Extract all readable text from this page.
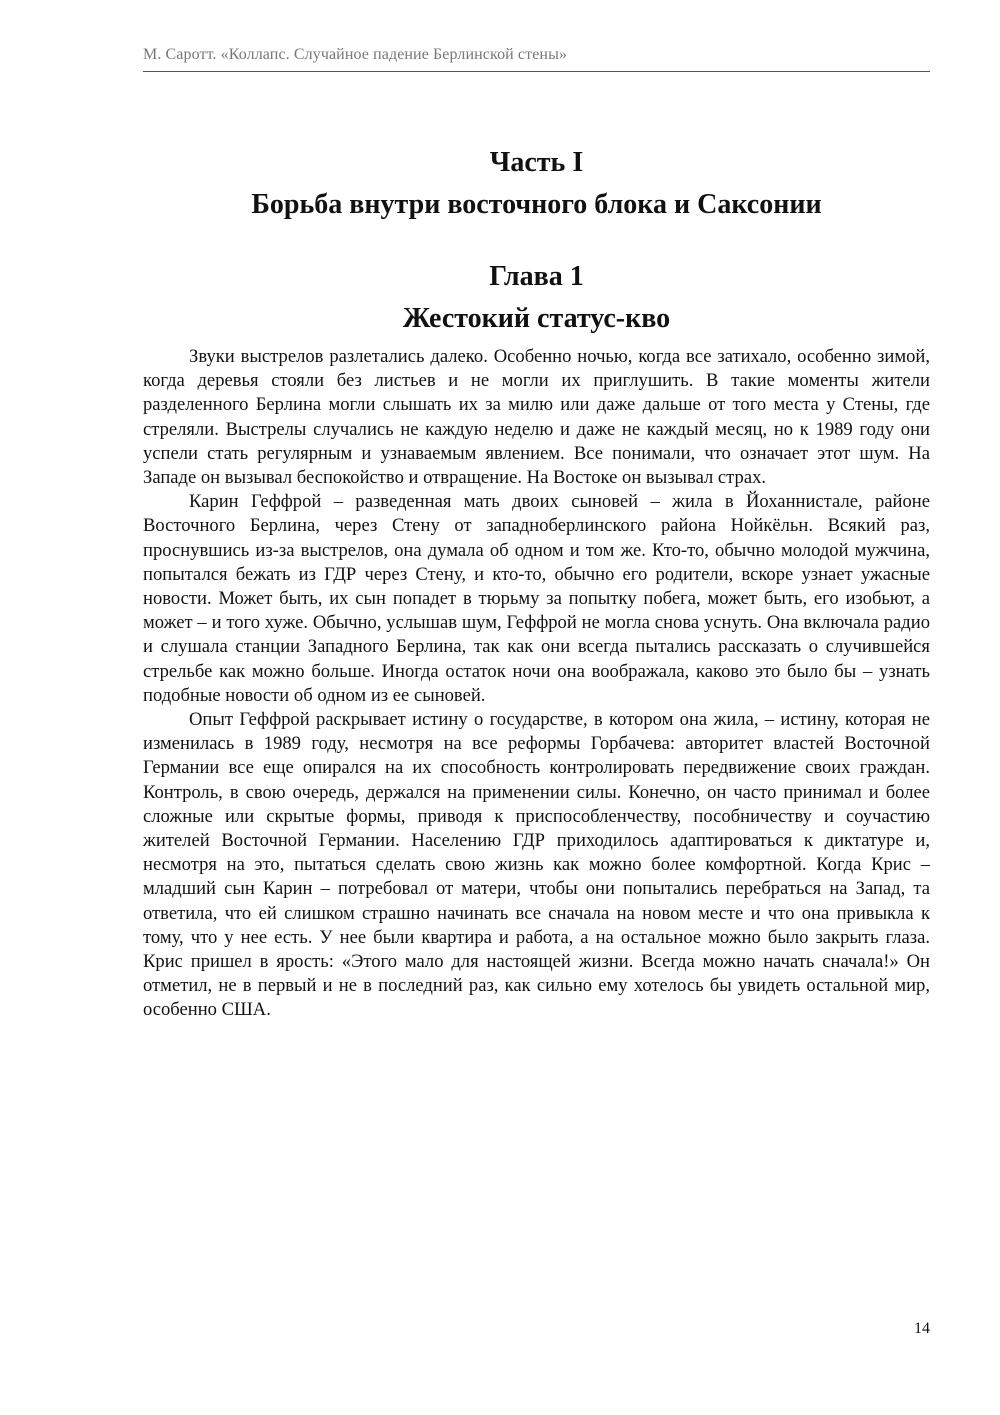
М. Саротт. «Коллапс. Случайное падение Берлинской стены»
Часть I
Борьба внутри восточного блока и Саксонии
Глава 1
Жестокий статус-кво

Звуки выстрелов разлетались далеко. Особенно ночью, когда все затихало, особенно зимой, когда деревья стояли без листьев и не могли их приглушить. В такие моменты жители разделенного Берлина могли слышать их за милю или даже дальше от того места у Стены, где стреляли. Выстрелы случались не каждую неделю и даже не каждый месяц, но к 1989 году они успели стать регулярным и узнаваемым явлением. Все понимали, что означает этот шум. На Западе он вызывал беспокойство и отвращение. На Востоке он вызывал страх.

Карин Геффрой – разведенная мать двоих сыновей – жила в Йоханнистале, районе Восточного Берлина, через Стену от западноберлинского района Нойкёльн. Всякий раз, проснувшись из-за выстрелов, она думала об одном и том же. Кто-то, обычно молодой мужчина, попытался бежать из ГДР через Стену, и кто-то, обычно его родители, вскоре узнает ужасные новости. Может быть, их сын попадет в тюрьму за попытку побега, может быть, его изобьют, а может – и того хуже. Обычно, услышав шум, Геффрой не могла снова уснуть. Она включала радио и слушала станции Западного Берлина, так как они всегда пытались рассказать о случившейся стрельбе как можно больше. Иногда остаток ночи она воображала, каково это было бы – узнать подобные новости об одном из ее сыновей.

Опыт Геффрой раскрывает истину о государстве, в котором она жила, – истину, которая не изменилась в 1989 году, несмотря на все реформы Горбачева: авторитет властей Восточной Германии все еще опирался на их способность контролировать передвижение своих граждан. Контроль, в свою очередь, держался на применении силы. Конечно, он часто принимал и более сложные или скрытые формы, приводя к приспособленчеству, пособничеству и соучастию жителей Восточной Германии. Населению ГДР приходилось адаптироваться к диктатуре и, несмотря на это, пытаться сделать свою жизнь как можно более комфортной. Когда Крис – младший сын Карин – потребовал от матери, чтобы они попытались перебраться на Запад, та ответила, что ей слишком страшно начинать все сначала на новом месте и что она привыкла к тому, что у нее есть. У нее были квартира и работа, а на остальное можно было закрыть глаза. Крис пришел в ярость: «Этого мало для настоящей жизни. Всегда можно начать сначала!» Он отметил, не в первый и не в последний раз, как сильно ему хотелось бы увидеть остальной мир, особенно США.

14
